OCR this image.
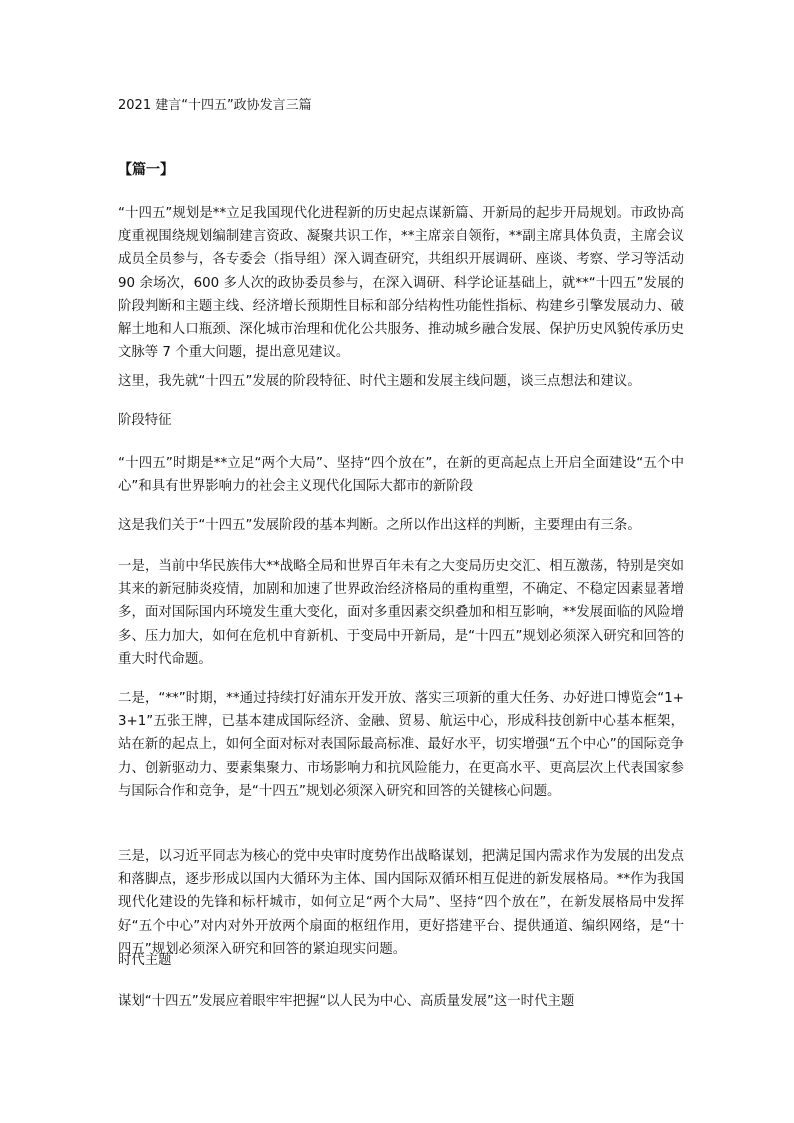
2021 建言“十四五”政协发言三篇

【篇一】

“十四五”规划是**立足我国现代化进程新的历史起点谋新篇、开新局的起步开局规划。市政协高度重视围绕规划编制建言资政、凝聚共识工作，**主席亲自领衔，**副主席具体负责，主席会议成员全员参与，各专委会（指导组）深入调查研究，共组织开展调研、座谈、考察、学习等活动 90 余场次，600 多人次的政协委员参与，在深入调研、科学论证基础上，就**“十四五”发展的阶段判断和主题主线、经济增长预期性目标和部分结构性功能性指标、构建乡引擎发展动力、破解土地和人口瓶颈、深化城市治理和优化公共服务、推动城乡融合发展、保护历史风貌传承历史文脉等 7 个重大问题，提出意见建议。

这里，我先就“十四五”发展的阶段特征、时代主题和发展主线问题，谈三点想法和建议。

阶段特征

“十四五”时期是**立足“两个大局”、坚持“四个放在”，在新的更高起点上开启全面建设“五个中心”和具有世界影响力的社会主义现代化国际大都市的新阶段

这是我们关于“十四五”发展阶段的基本判断。之所以作出这样的判断，主要理由有三条。

一是，当前中华民族伟大**战略全局和世界百年未有之大变局历史交汇、相互激荡，特别是突如其来的新冠肺炎疫情，加剧和加速了世界政治经济格局的重构重塑，不确定、不稳定因素显著增多，面对国际国内环境发生重大变化，面对多重因素交织叠加和相互影响，**发展面临的风险增多、压力加大，如何在危机中育新机、于变局中开新局，是“十四五”规划必须深入研究和回答的重大时代命题。

二是，“**”时期，**通过持续打好浦东开发开放、落实三项新的重大任务、办好进口博览会“1+3+1”五张王牌，已基本建成国际经济、金融、贸易、航运中心，形成科技创新中心基本框架，站在新的起点上，如何全面对标对表国际最高标准、最好水平，切实增强“五个中心”的国际竞争力、创新驱动力、要素集聚力、市场影响力和抗风险能力，在更高水平、更高层次上代表国家参与国际合作和竞争，是“十四五”规划必须深入研究和回答的关键核心问题。

三是，以习近平同志为核心的党中央审时度势作出战略谋划，把满足国内需求作为发展的出发点和落脚点，逐步形成以国内大循环为主体、国内国际双循环相互促进的新发展格局。**作为我国现代化建设的先锋和标杆城市，如何立足“两个大局”、坚持“四个放在”，在新发展格局中发挥好“五个中心”对内对外开放两个扇面的枢纽作用，更好搭建平台、提供通道、编织网络，是“十四五”规划必须深入研究和回答的紧迫现实问题。

时代主题

谋划“十四五”发展应着眼牢牢把握“以人民为中心、高质量发展”这一时代主题
